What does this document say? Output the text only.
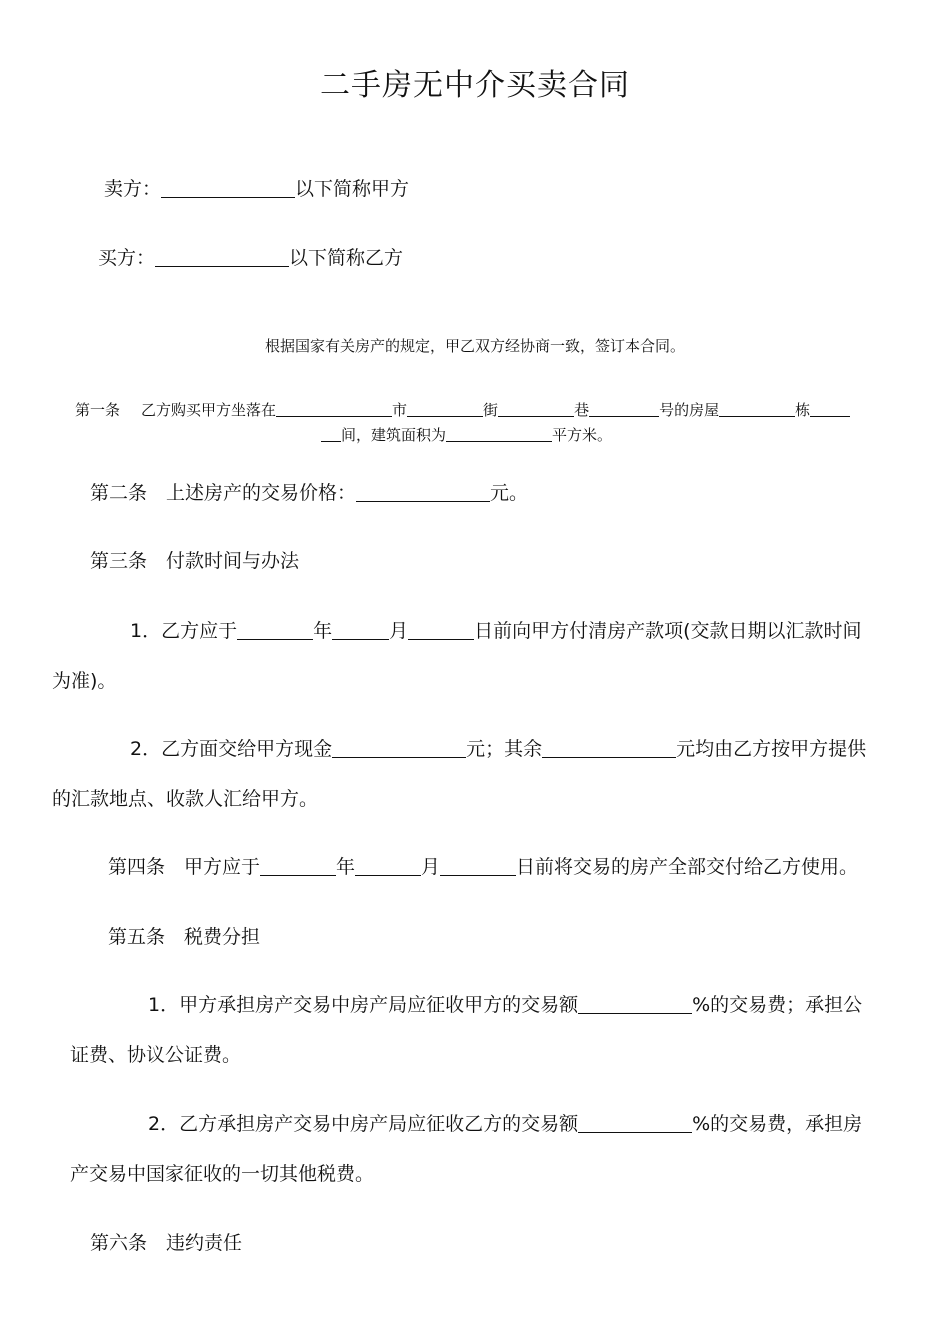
二手房无中介买卖合同
卖方：	以下简称甲方
买方：	以下简称乙方
根据国家有关房产的规定，甲乙双方经协商一致，签订本合同。
第一条 乙方购买甲方坐落在	市	街	巷	号的房屋	栋
间，建筑面积为	平方米。
第二条　上述房产的交易价格：	元。
第三条　付款时间与办法
1．乙方应于	年	月	日前向甲方付清房产款项(交款日期以汇款时间
为准)。
2．乙方面交给甲方现金	元；其余	元均由乙方按甲方提供
的汇款地点、收款人汇给甲方。
第四条　甲方应于	年	月	日前将交易的房产全部交付给乙方使用。
第五条　税费分担
1．甲方承担房产交易中房产局应征收甲方的交易额	%的交易费；承担公
证费、协议公证费。
2．乙方承担房产交易中房产局应征收乙方的交易额	%的交易费，承担房
产交易中国家征收的一切其他税费。
第六条　违约责任
